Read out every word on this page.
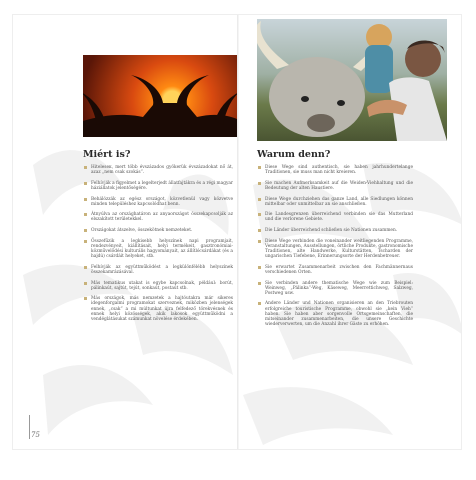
Miért is?
Hiteleseк, mert több évszázados gyökerük évszázadokat nő át, azaz „nem csak szokás“.
Felhívják a figyelmet a legelterjedt állatfajtákra és a régi magyar háziállatok jelentőségére.
Behálózzák az egész országot, közvetlenül vagy közvetve minden településhez kapcsolódhat benn.
Átnyúlva az országhatáron az anyaországot összekapcsolják az elszakított területekkel.
Országokat átszelve, összekötnek nemzeteket.
Összefűzik a legkisebb helyszínek napi programjait, rendezvényeit, kiállításait, helyi termékeit, gasztronómiai-közművelődési kulturális hagyományait, az állítlócsárdákat (és a hajdú) csárdáit helyeket, stb.
Felhívják az együttműködést a legkülönfélébb helyszínek összekamrázásával.
Más tematikus utakat is egybe kapcsolnak, például: borút, pálinkaút, sajtút, tejút, sonkaút, postaút stb.
Más országok, más nemzetek a hajtóutakra már sikeres idegenforgalmi programokat szerveznek, miközben jelenségek ennek, „csak“ a mi múltunkat újra felfedező törekvésnek és ennek helyi közösségek, akik lakosok együttműködni a vendéglátásukat számunkat növelése érdekében.
Warum denn?
Diese Wege sind authentisch, sie haben jahrhundertelange Traditionen, sie muss man nicht kreieren.
Sie machen Aufmerksamkeit auf die Weiden-Viehhaltung und die Bedeutung der alten Haustiere.
Diese Wege durchziehen das ganze Land, alle Siedlungen können mittelbar oder unmittelbar an sie anschließen.
Die Landesgrenzen überreichend verbinden sie das Mutterland und die verlorene Gebiete.
Die Länder überreichend schließen sie Nationen zusammen.
Diese Wege verbinden die voneinander weitliegenden Programme, Veranstaltungen, Ausstellungen, örtliche Produkte, gastronomische Traditionen, alte Handwerke, Kulturstätten, Tscharden der ungarischen Tiefebene, Erinnerungsorte der Herdenbetreuer.
Sie erwartet Zusammenarbeit zwischen den Fachmännernaus verschiedenen Orten.
Sie verbinden andere thematische Wege wie zum Beispiel: Weinweg, „Pálinka“-Weg, Käseweg, Meerrettichweg, Salzweg, Postweg usw.
Andere Länder und Nationen organisieren an den Triebrouten erfolgreiche touristische Programme, obwohl sie „kein Vieh“ haben. Sie haben aber sorgenvolle Ortsgemeinschaften, die mitseinander zusammenarbeiten, die unsere Geschichte wiederverwerten, um die Anzahl ihrer Gäste zu erhöhen.
75
